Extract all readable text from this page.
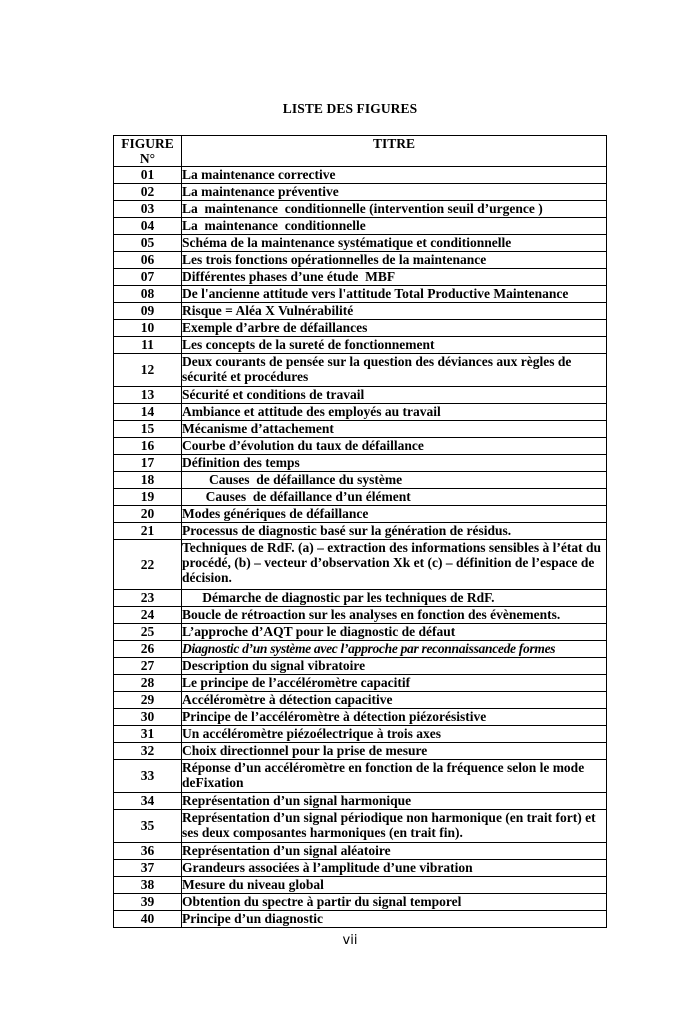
LISTE DES FIGURES
FIGURE N°	TITRE
01	La maintenance corrective
02	La maintenance préventive
03	La  maintenance  conditionnelle (intervention seuil d’urgence )
04	La  maintenance  conditionnelle
05	Schéma de la maintenance systématique et conditionnelle
06	Les trois fonctions opérationnelles de la maintenance
07	Différentes phases d’une étude  MBF
08	De l'ancienne attitude vers l'attitude Total Productive Maintenance
09	Risque = Aléa X Vulnérabilité
10	Exemple d’arbre de défaillances
11	Les concepts de la sureté de fonctionnement
12	Deux courants de pensée sur la question des déviances aux règles de sécurité et procédures
13	Sécurité et conditions de travail
14	Ambiance et attitude des employés au travail
15	Mécanisme d’attachement
16	Courbe d’évolution du taux de défaillance
17	Définition des temps
18	Causes  de défaillance du système
19	Causes  de défaillance d’un élément
20	Modes génériques de défaillance
21	Processus de diagnostic basé sur la génération de résidus.
22	Techniques de RdF. (a) – extraction des informations sensibles à l’état du procédé, (b) – vecteur d’observation Xk et (c) – définition de l’espace de décision.
23	Démarche de diagnostic par les techniques de RdF.
24	Boucle de rétroaction sur les analyses en fonction des évènements.
25	L’approche d’AQT pour le diagnostic de défaut
26	Diagnostic d’un système avec l’approche par reconnaissancede formes
27	Description du signal vibratoire
28	Le principe de l’accéléromètre capacitif
29	Accéléromètre à détection capacitive
30	Principe de l’accéléromètre à détection piézorésistive
31	Un accéléromètre piézoélectrique à trois axes
32	Choix directionnel pour la prise de mesure
33	Réponse d’un accéléromètre en fonction de la fréquence selon le mode deFixation
34	Représentation d’un signal harmonique
35	Représentation d’un signal périodique non harmonique (en trait fort) et ses deux composantes harmoniques (en trait fin).
36	Représentation d’un signal aléatoire
37	Grandeurs associées à l’amplitude d’une vibration
38	Mesure du niveau global
39	Obtention du spectre à partir du signal temporel
40	Principe d’un diagnostic
vii
